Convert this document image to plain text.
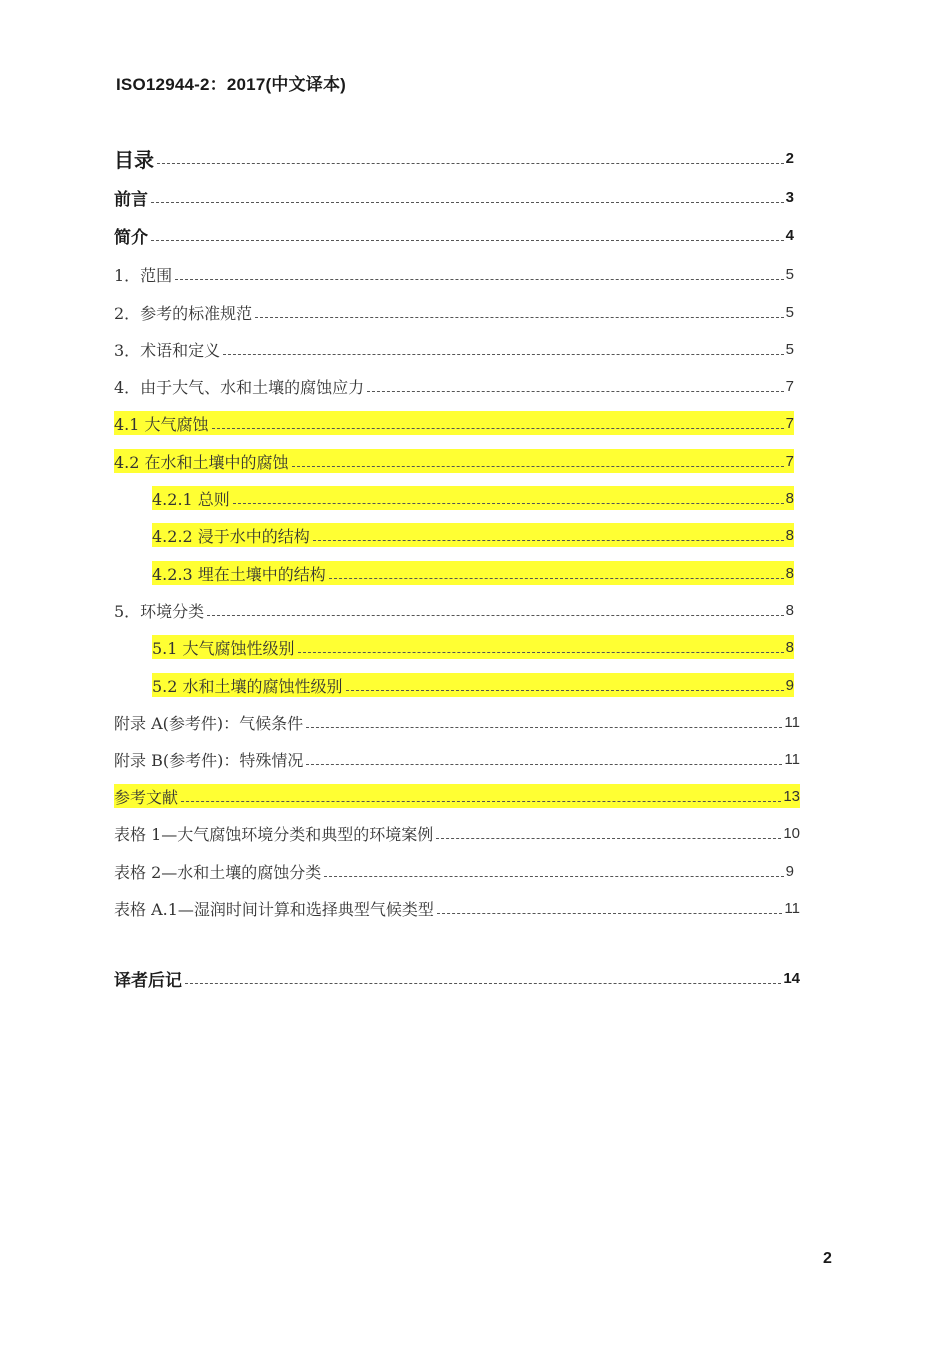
ISO12944-2：2017(中文译本)
目录	2
前言	3
简介	4
1．范围	5
2．参考的标准规范	5
3．术语和定义	5
4．由于大气、水和土壤的腐蚀应力	7
4.1 大气腐蚀	7
4.2 在水和土壤中的腐蚀	7
4.2.1 总则	8
4.2.2 浸于水中的结构	8
4.2.3 埋在土壤中的结构	8
5．环境分类	8
5.1 大气腐蚀性级别	8
5.2 水和土壤的腐蚀性级别	9
附录 A(参考件)：气候条件	11
附录 B(参考件)：特殊情况	11
参考文献	13
表格 1—大气腐蚀环境分类和典型的环境案例	10
表格 2—水和土壤的腐蚀分类	9
表格 A.1—湿润时间计算和选择典型气候类型	11
译者后记	14
2
